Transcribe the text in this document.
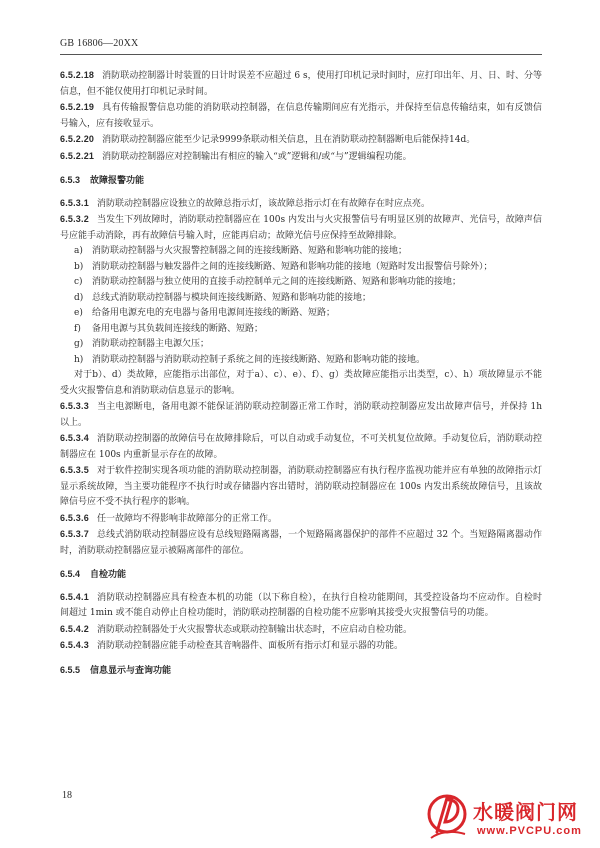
GB 16806—20XX

6.5.2.18 消防联动控制器计时装置的日计时误差不应超过 6 s，使用打印机记录时间时，应打印出年、月、日、时、分等信息，但不能仅使用打印机记录时间。

6.5.2.19 具有传输报警信息功能的消防联动控制器，在信息传输期间应有光指示，并保持至信息传输结束，如有反馈信号输入，应有接收显示。

6.5.2.20 消防联动控制器应能至少记录9999条联动相关信息，且在消防联动控制器断电后能保持14d。

6.5.2.21 消防联动控制器应对控制输出有相应的输入“或”逻辑和/或“与”逻辑编程功能。

6.5.3 故障报警功能

6.5.3.1 消防联动控制器应设独立的故障总指示灯，该故障总指示灯在有故障存在时应点亮。

6.5.3.2 当发生下列故障时，消防联动控制器应在 100s 内发出与火灾报警信号有明显区别的故障声、光信号，故障声信号应能手动消除，再有故障信号输入时，应能再启动；故障光信号应保持至故障排除。

a) 消防联动控制器与火灾报警控制器之间的连接线断路、短路和影响功能的接地；

b) 消防联动控制器与触发器件之间的连接线断路、短路和影响功能的接地（短路时发出报警信号除外）；

c) 消防联动控制器与独立使用的直接手动控制单元之间的连接线断路、短路和影响功能的接地；

d) 总线式消防联动控制器与模块间连接线断路、短路和影响功能的接地；

e) 给备用电源充电的充电器与备用电源间连接线的断路、短路；

f) 备用电源与其负载间连接线的断路、短路；

g) 消防联动控制器主电源欠压；

h) 消防联动控制器与消防联动控制子系统之间的连接线断路、短路和影响功能的接地。

对于b）、d）类故障，应能指示出部位，对于a）、c）、e）、f）、g）类故障应能指示出类型，c）、h）项故障显示不能受火灾报警信息和消防联动信息显示的影响。

6.5.3.3 当主电源断电，备用电源不能保证消防联动控制器正常工作时，消防联动控制器应发出故障声信号，并保持 1h 以上。

6.5.3.4 消防联动控制器的故障信号在故障排除后，可以自动或手动复位，不可关机复位故障。手动复位后，消防联动控制器应在 100s 内重新显示存在的故障。

6.5.3.5 对于软件控制实现各项功能的消防联动控制器，消防联动控制器应有执行程序监视功能并应有单独的故障指示灯显示系统故障，当主要功能程序不执行时或存储器内容出错时，消防联动控制器应在 100s 内发出系统故障信号，且该故障信号应不受不执行程序的影响。

6.5.3.6 任一故障均不得影响非故障部分的正常工作。

6.5.3.7 总线式消防联动控制器应设有总线短路隔离器，一个短路隔离器保护的部件不应超过 32 个。当短路隔离器动作时，消防联动控制器应显示被隔离部件的部位。

6.5.4 自检功能

6.5.4.1 消防联动控制器应具有检查本机的功能（以下称自检），在执行自检功能期间，其受控设备均不应动作。自检时间超过 1min 或不能自动停止自检功能时，消防联动控制器的自检功能不应影响其接受火灾报警信号的功能。

6.5.4.2 消防联动控制器处于火灾报警状态或联动控制输出状态时，不应启动自检功能。

6.5.4.3 消防联动控制器应能手动检查其音响器件、面板所有指示灯和显示器的功能。

6.5.5 信息显示与查询功能
18
水暖阀门网
www.PVCPU.com
